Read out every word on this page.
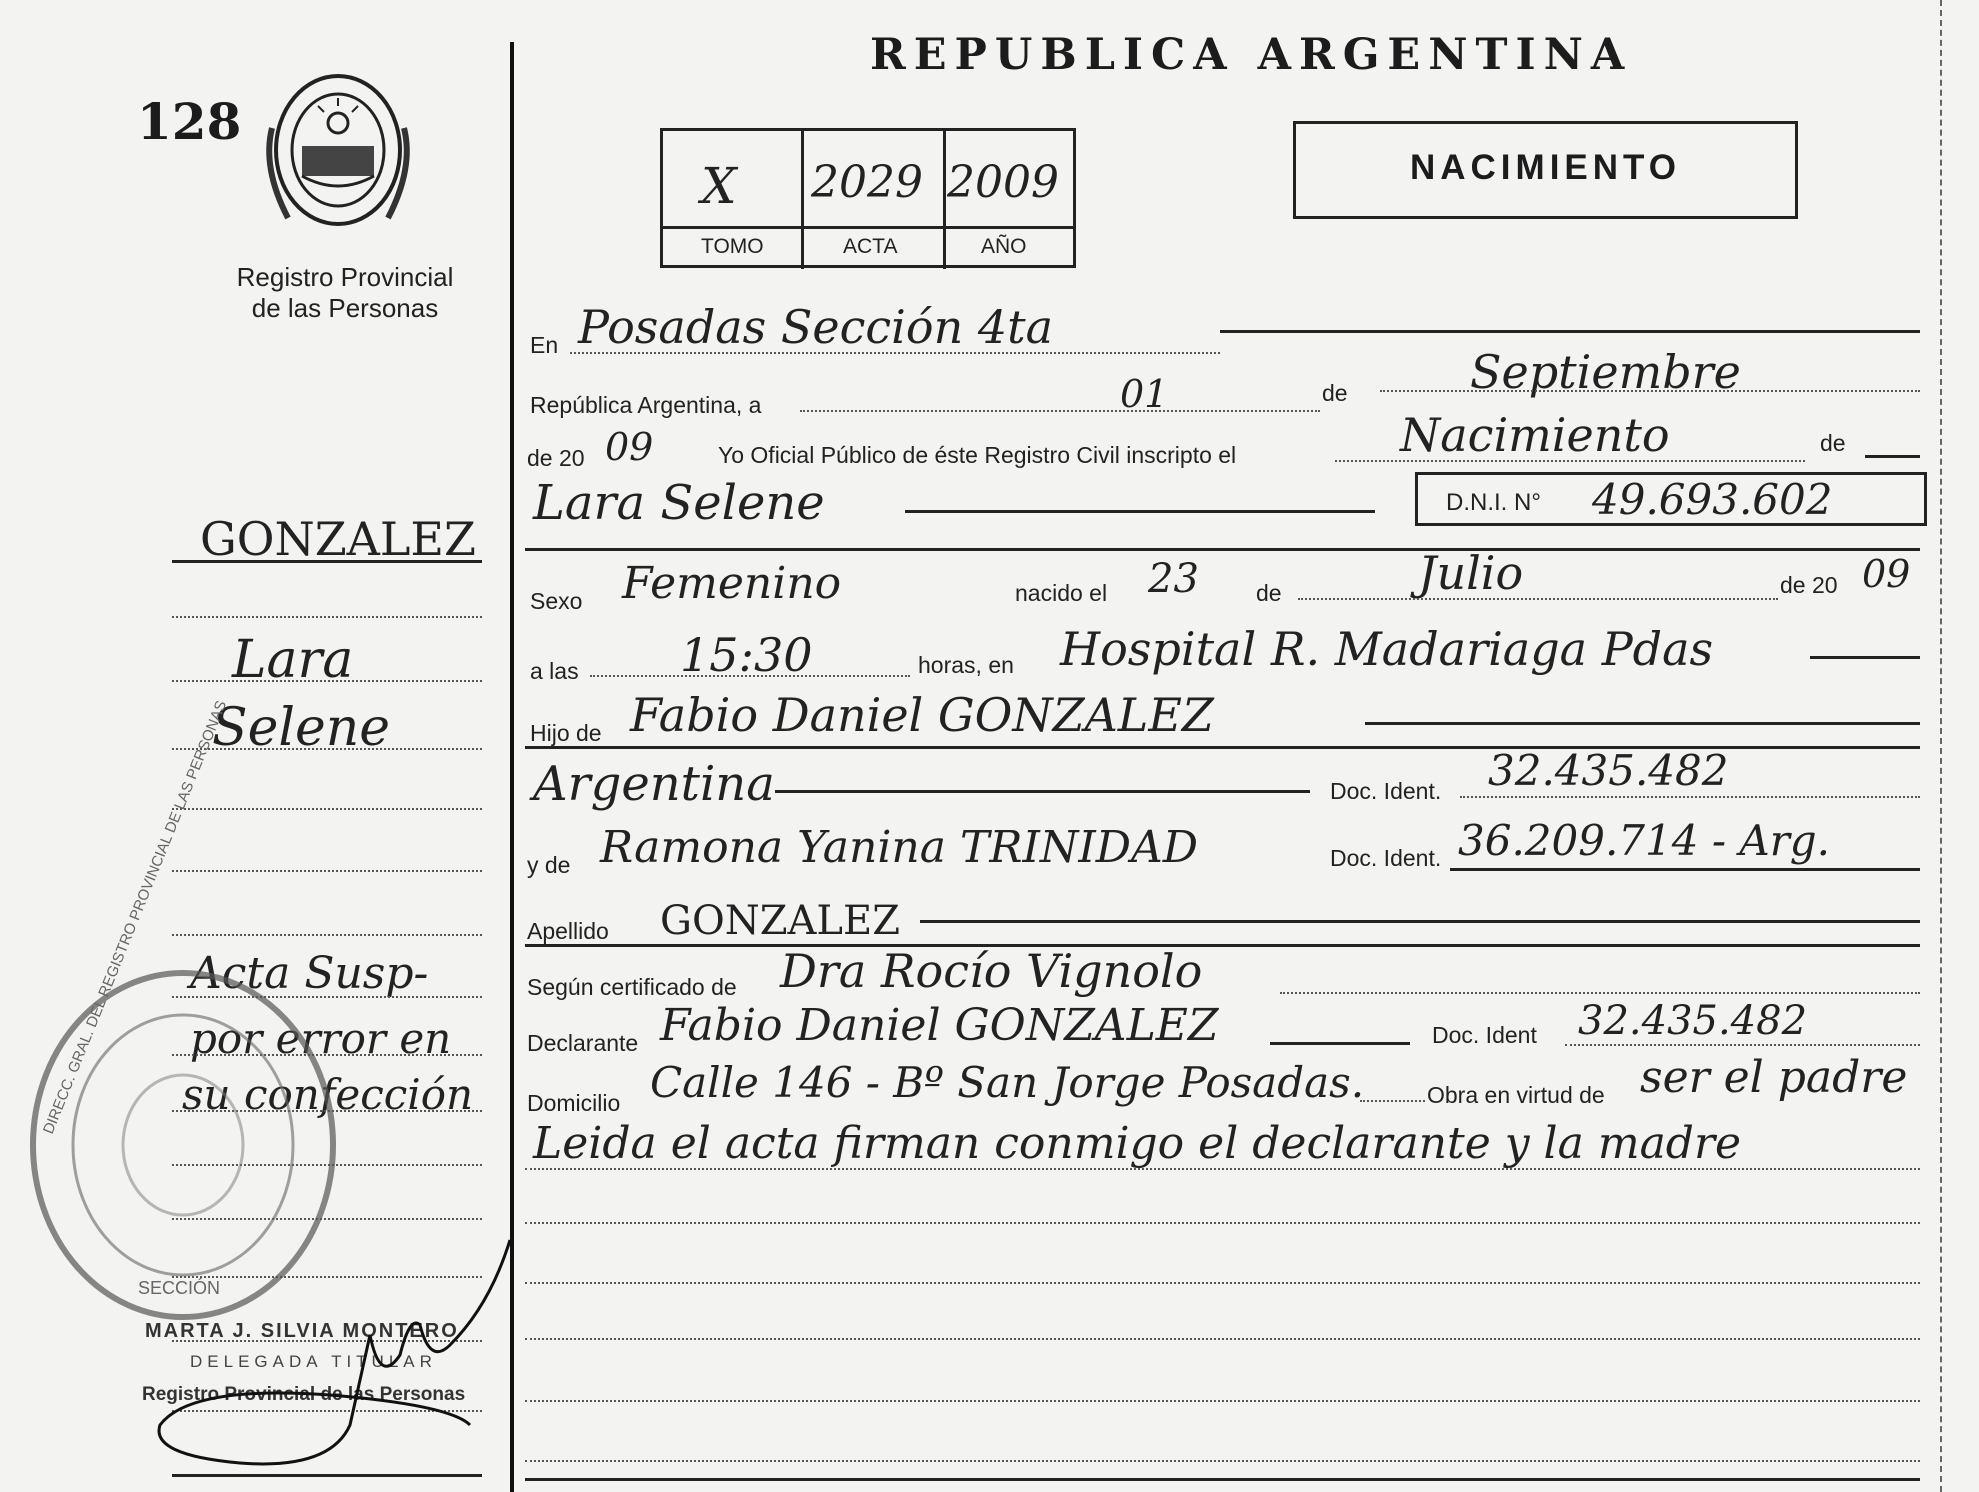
128
Registro Provincial
de las Personas
REPUBLICA ARGENTINA
X 2029 2009
TOMO	ACTA	AÑO
NACIMIENTO
GONZALEZ
Lara
Selene
Acta Susp-
por error en
su confección
DIRECC. GRAL. DEL REGISTRO PROVINCIAL DE LAS PERSONAS
SECCIÓN
MARTA J. SILVIA MONTERO
DELEGADA TITULAR
Registro Provincial de las Personas
En Posadas Sección 4ta
República Argentina, a	01	de	Septiembre
de 20 09	Yo Oficial Público de éste Registro Civil inscripto el	Nacimiento	de
Lara Selene	D.N.I. N° 49.693.602
Sexo Femenino	nacido el 23 de	Julio	de 20 09
a las 15:30	horas, en Hospital R. Madariaga Pdas
Hijo de Fabio Daniel GONZALEZ
Argentina	Doc. Ident. 32.435.482
y de Ramona Yanina TRINIDAD	Doc. Ident. 36.209.714 - Arg.
Apellido GONZALEZ
Según certificado de Dra Rocío Vignolo
Declarante Fabio Daniel GONZALEZ	Doc. Ident 32.435.482
Domicilio Calle 146 - Bº San Jorge Posadas.	Obra en virtud de ser el padre
Leida el acta firman conmigo el declarante y la madre
